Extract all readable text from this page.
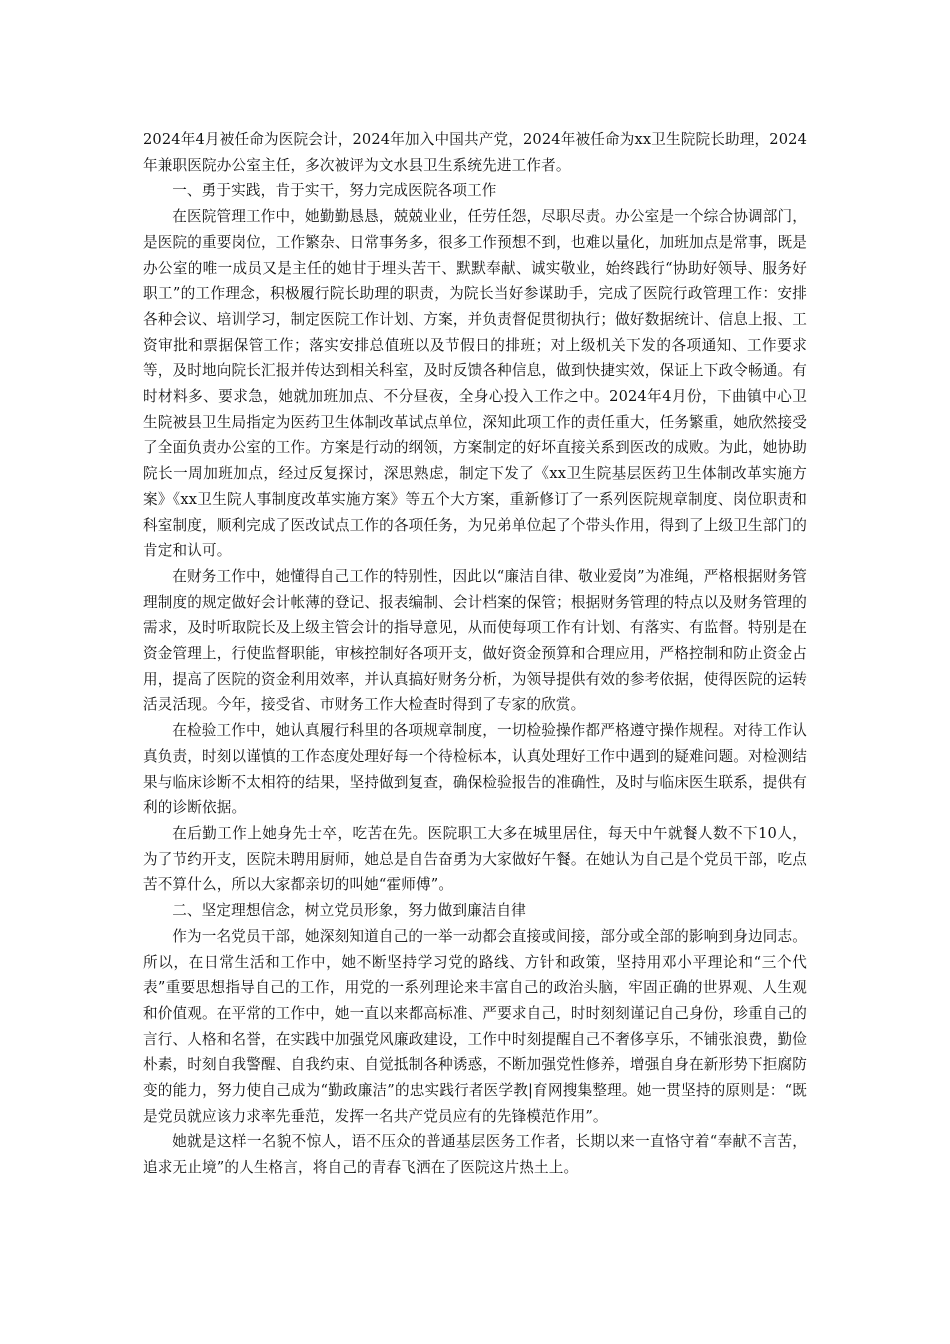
2024年4月被任命为医院会计，2024年加入中国共产党，2024年被任命为xx卫生院院长助理，2024年兼职医院办公室主任，多次被评为文水县卫生系统先进工作者。

一、勇于实践，肯于实干，努力完成医院各项工作

在医院管理工作中，她勤勤恳恳，兢兢业业，任劳任怨，尽职尽责。办公室是一个综合协调部门，是医院的重要岗位，工作繁杂、日常事务多，很多工作预想不到，也难以量化，加班加点是常事，既是办公室的唯一成员又是主任的她甘于埋头苦干、默默奉献、诚实敬业，始终践行“协助好领导、服务好职工”的工作理念，积极履行院长助理的职责，为院长当好参谋助手，完成了医院行政管理工作：安排各种会议、培训学习，制定医院工作计划、方案，并负责督促贯彻执行；做好数据统计、信息上报、工资审批和票据保管工作；落实安排总值班以及节假日的排班；对上级机关下发的各项通知、工作要求等，及时地向院长汇报并传达到相关科室，及时反馈各种信息，做到快捷实效，保证上下政令畅通。有时材料多、要求急，她就加班加点、不分昼夜，全身心投入工作之中。2024年4月份，下曲镇中心卫生院被县卫生局指定为医药卫生体制改革试点单位，深知此项工作的责任重大，任务繁重，她欣然接受了全面负责办公室的工作。方案是行动的纲领，方案制定的好坏直接关系到医改的成败。为此，她协助院长一周加班加点，经过反复探讨，深思熟虑，制定下发了《xx卫生院基层医药卫生体制改革实施方案》《xx卫生院人事制度改革实施方案》等五个大方案，重新修订了一系列医院规章制度、岗位职责和科室制度，顺利完成了医改试点工作的各项任务，为兄弟单位起了个带头作用，得到了上级卫生部门的肯定和认可。

在财务工作中，她懂得自己工作的特别性，因此以“廉洁自律、敬业爱岗”为准绳，严格根据财务管理制度的规定做好会计帐薄的登记、报表编制、会计档案的保管；根据财务管理的特点以及财务管理的需求，及时听取院长及上级主管会计的指导意见，从而使每项工作有计划、有落实、有监督。特别是在资金管理上，行使监督职能，审核控制好各项开支，做好资金预算和合理应用，严格控制和防止资金占用，提高了医院的资金利用效率，并认真搞好财务分析，为领导提供有效的参考依据，使得医院的运转活灵活现。今年，接受省、市财务工作大检查时得到了专家的欣赏。

在检验工作中，她认真履行科里的各项规章制度，一切检验操作都严格遵守操作规程。对待工作认真负责，时刻以谨慎的工作态度处理好每一个待检标本，认真处理好工作中遇到的疑难问题。对检测结果与临床诊断不太相符的结果，坚持做到复查，确保检验报告的准确性，及时与临床医生联系，提供有利的诊断依据。

在后勤工作上她身先士卒，吃苦在先。医院职工大多在城里居住，每天中午就餐人数不下10人，为了节约开支，医院未聘用厨师，她总是自告奋勇为大家做好午餐。在她认为自己是个党员干部，吃点苦不算什么，所以大家都亲切的叫她“霍师傅”。

二、坚定理想信念，树立党员形象，努力做到廉洁自律

作为一名党员干部，她深刻知道自己的一举一动都会直接或间接，部分或全部的影响到身边同志。所以，在日常生活和工作中，她不断坚持学习党的路线、方针和政策，坚持用邓小平理论和“三个代表”重要思想指导自己的工作，用党的一系列理论来丰富自己的政治头脑，牢固正确的世界观、人生观和价值观。在平常的工作中，她一直以来都高标准、严要求自己，时时刻刻谨记自己身份，珍重自己的言行、人格和名誉，在实践中加强党风廉政建设，工作中时刻提醒自己不奢侈享乐，不铺张浪费，勤俭朴素，时刻自我警醒、自我约束、自觉抵制各种诱惑，不断加强党性修养，增强自身在新形势下拒腐防变的能力，努力使自己成为“勤政廉洁”的忠实践行者医学教|育网搜集整理。她一贯坚持的原则是：“既是党员就应该力求率先垂范，发挥一名共产党员应有的先锋模范作用”。

她就是这样一名貌不惊人，语不压众的普通基层医务工作者，长期以来一直恪守着“奉献不言苦，追求无止境”的人生格言，将自己的青春飞洒在了医院这片热土上。
